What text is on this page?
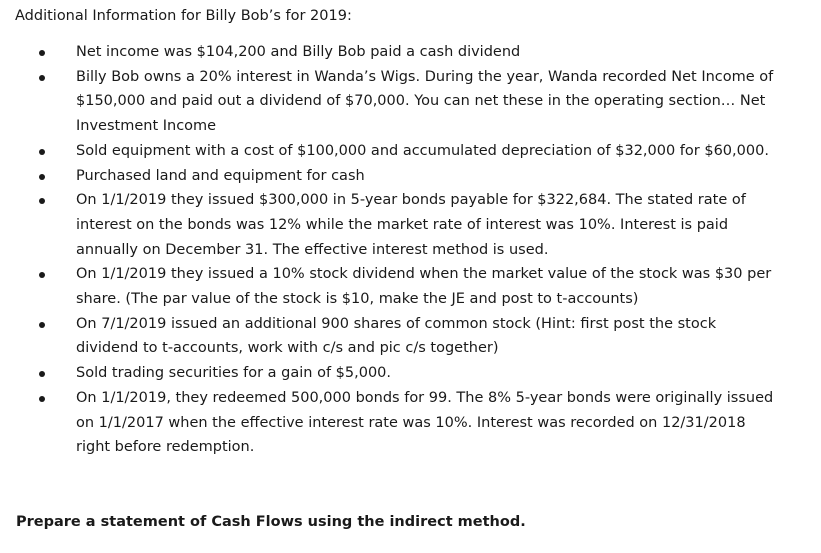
Additional Information for Billy Bob’s for 2019:
Net income was $104,200 and Billy Bob paid a cash dividend
Billy Bob owns a 20% interest in Wanda’s Wigs. During the year, Wanda recorded Net Income of
$150,000 and paid out a dividend of $70,000. You can net these in the operating section… Net
Investment Income
Sold equipment with a cost of $100,000 and accumulated depreciation of $32,000 for $60,000.
Purchased land and equipment for cash
On 1/1/2019 they issued $300,000 in 5-year bonds payable for $322,684. The stated rate of
interest on the bonds was 12% while the market rate of interest was 10%. Interest is paid
annually on December 31. The effective interest method is used.
On 1/1/2019 they issued a 10% stock dividend when the market value of the stock was $30 per
share. (The par value of the stock is $10, make the JE and post to t-accounts)
On 7/1/2019 issued an additional 900 shares of common stock (Hint: first post the stock
dividend to t-accounts, work with c/s and pic c/s together)
Sold trading securities for a gain of $5,000.
On 1/1/2019, they redeemed 500,000 bonds for 99. The 8% 5-year bonds were originally issued
on 1/1/2017 when the effective interest rate was 10%. Interest was recorded on 12/31/2018
right before redemption.
Prepare a statement of Cash Flows using the indirect method.
